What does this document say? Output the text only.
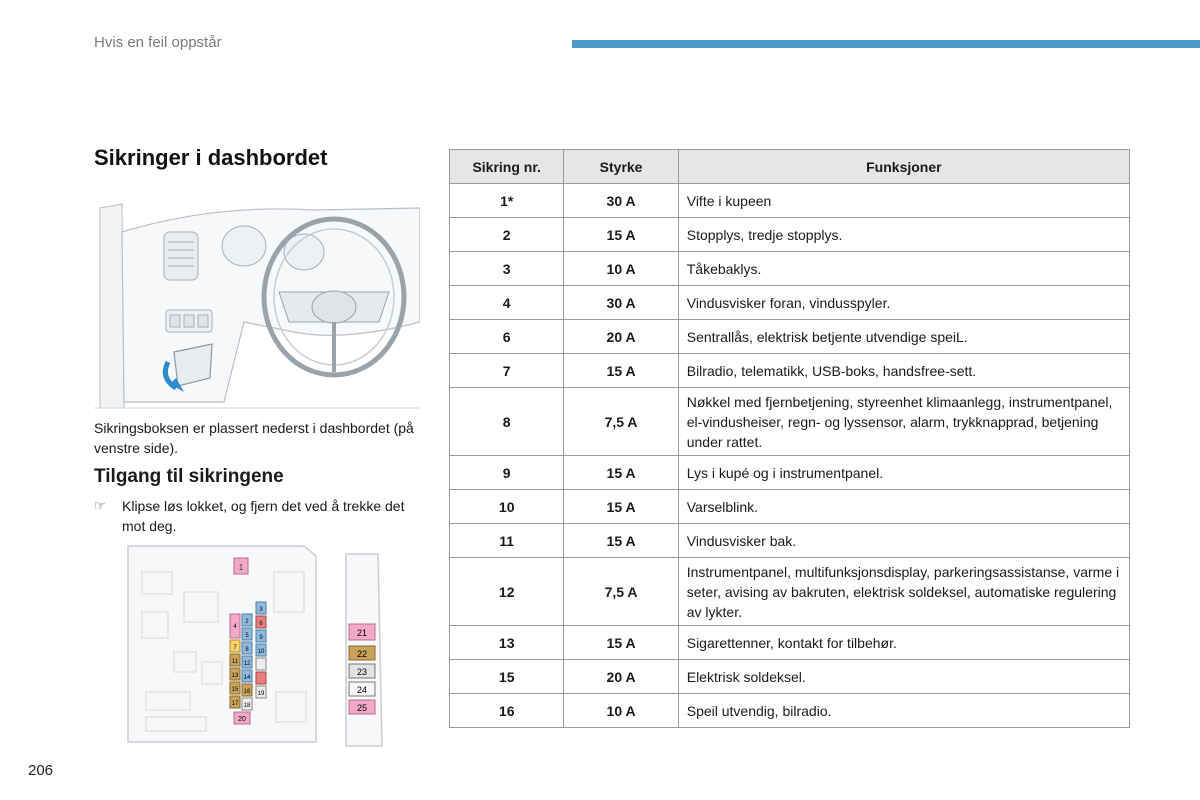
Hvis en feil oppstår
Sikringer i dashbordet
Sikringsboksen er plassert nederst i dashbordet (på venstre side).
Tilgang til sikringene
☞	Klipse løs lokket, og fjern det ved å trekke det mot deg.
1
4
7
11
13
15
17
2
5
8
12
14
16
18
3
6
9
10
19
20
21
22
23
24
25
Sikring nr.	Styrke	Funksjoner
1*	30 A	Vifte i kupeen
2	15 A	Stopplys, tredje stopplys.
3	10 A	Tåkebaklys.
4	30 A	Vindusvisker foran, vindusspyler.
6	20 A	Sentrallås, elektrisk betjente utvendige speiL.
7	15 A	Bilradio, telematikk, USB-boks, handsfree-sett.
8	7,5 A	Nøkkel med fjernbetjening, styreenhet klimaanlegg, instrumentpanel, el-vindusheiser, regn- og lyssensor, alarm, trykknapprad, betjening under rattet.
9	15 A	Lys i kupé og i instrumentpanel.
10	15 A	Varselblink.
11	15 A	Vindusvisker bak.
12	7,5 A	Instrumentpanel, multifunksjonsdisplay, parkeringsassistanse, varme i seter, avising av bakruten, elektrisk soldeksel, automatiske regulering av lykter.
13	15 A	Sigarettenner, kontakt for tilbehør.
15	20 A	Elektrisk soldeksel.
16	10 A	Speil utvendig, bilradio.
206
